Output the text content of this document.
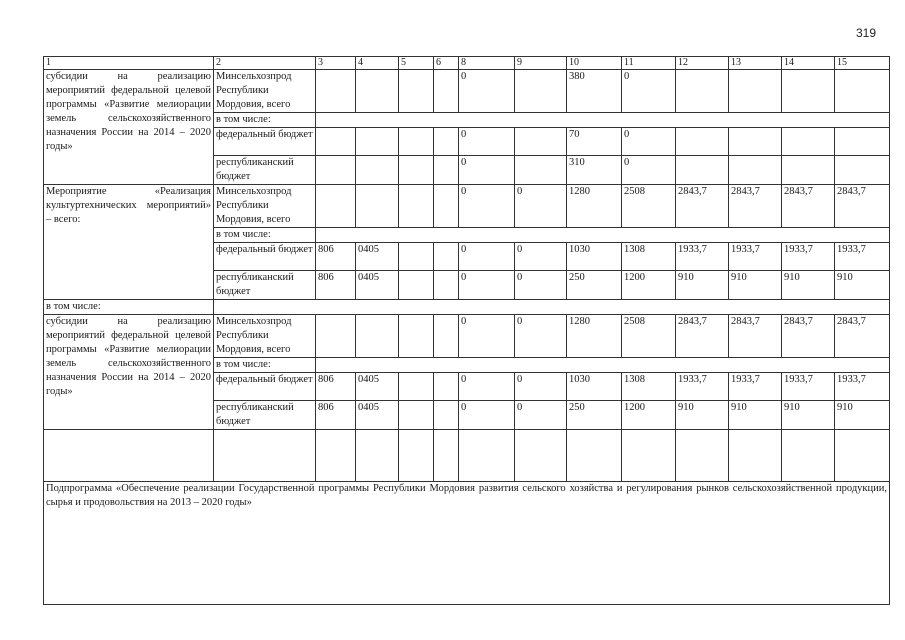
319
1	2	3	4	5	6	8	9	10	11	12	13	14	15
субсидии на реализацию мероприятий федеральной целевой программы «Развитие мелиорации земель сельскохозяйственного назначения России на 2014 – 2020 годы»	Минсельхозпрод Республики Мордовия, всего					0		380	0				
	в том числе:												
	федеральный бюджет					0		70	0				
	республиканский бюджет					0		310	0				
Мероприятие «Реализация культуртехнических мероприятий» – всего:	Минсельхозпрод Республики Мордовия, всего					0	0	1280	2508	2843,7	2843,7	2843,7	2843,7
	в том числе:												
	федеральный бюджет	806	0405			0	0	1030	1308	1933,7	1933,7	1933,7	1933,7
	республиканский бюджет	806	0405			0	0	250	1200	910	910	910	910
в том числе:													
субсидии на реализацию мероприятий федеральной целевой программы «Развитие мелиорации земель сельскохозяйственного назначения России на 2014 – 2020 годы»	Минсельхозпрод Республики Мордовия, всего					0	0	1280	2508	2843,7	2843,7	2843,7	2843,7
	в том числе:												
	федеральный бюджет	806	0405			0	0	1030	1308	1933,7	1933,7	1933,7	1933,7
	республиканский бюджет	806	0405			0	0	250	1200	910	910	910	910

Подпрограмма «Обеспечение реализации Государственной программы Республики Мордовия развития сельского хозяйства и регулирования рынков сельскохозяйственной продукции, сырья и продовольствия на 2013 – 2020 годы»													
